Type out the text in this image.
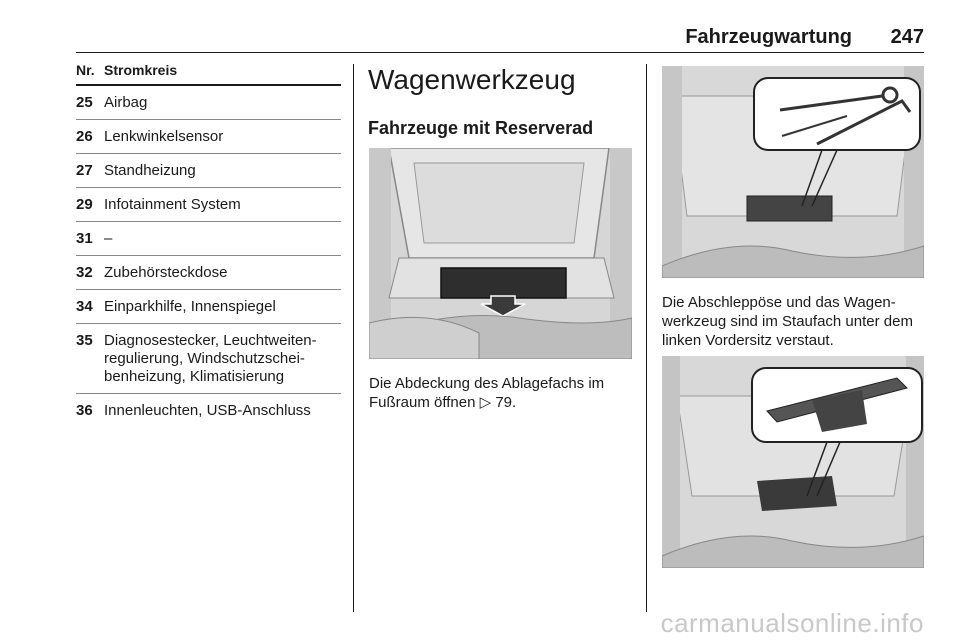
Fahrzeugwartung 247
Nr. Stromkreis
25 Airbag
26 Lenkwinkelsensor
27 Standheizung
29 Infotainment System
31 –
32 Zubehörsteckdose
34 Einparkhilfe, Innenspiegel
35 Diagnosestecker, Leuchtweiten-regulierung, Windschutzschei-benheizung, Klimatisierung
36 Innenleuchten, USB-Anschluss
Wagenwerkzeug
Fahrzeuge mit Reserverad

Die Abdeckung des Ablagefachs im Fußraum öffnen ▷ 79.

Die Abschleppöse und das Wagen-werkzeug sind im Staufach unter dem linken Vordersitz verstaut.

carmanualsonline.info
